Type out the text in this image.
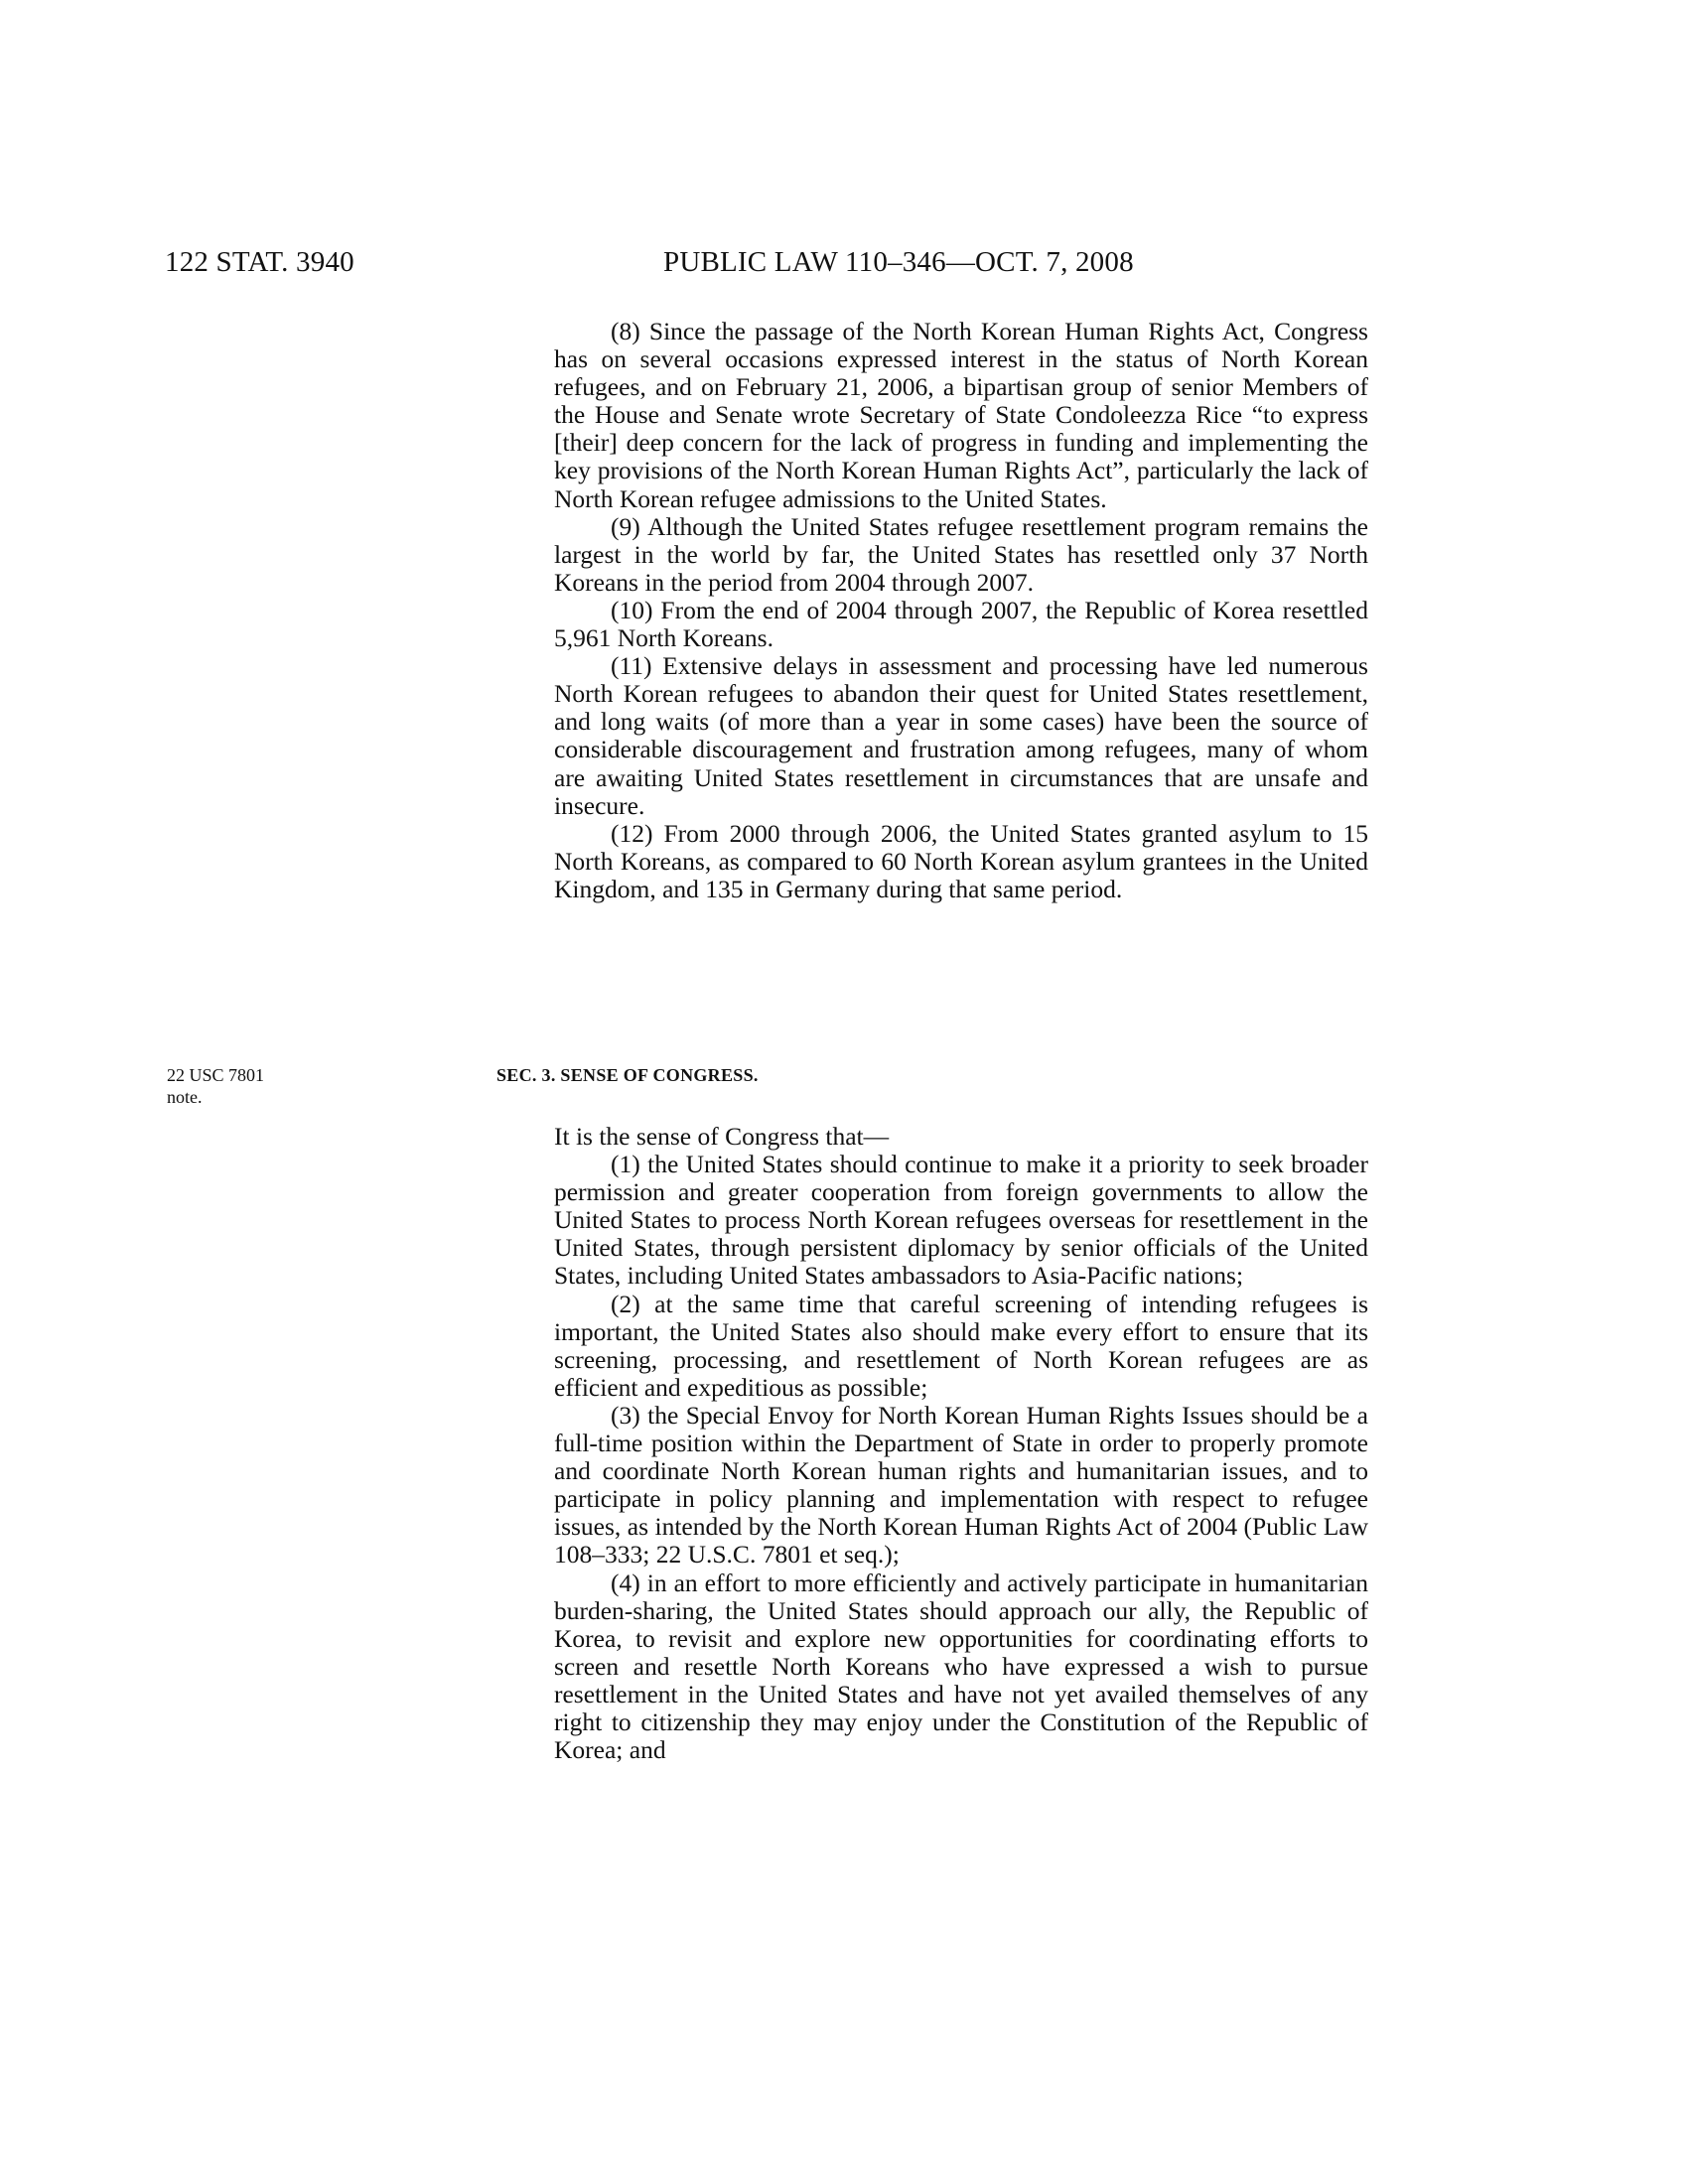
122 STAT. 3940	PUBLIC LAW 110–346—OCT. 7, 2008

(8) Since the passage of the North Korean Human Rights Act, Congress has on several occasions expressed interest in the status of North Korean refugees, and on February 21, 2006, a bipartisan group of senior Members of the House and Senate wrote Secretary of State Condoleezza Rice “to express [their] deep concern for the lack of progress in funding and implementing the key provisions of the North Korean Human Rights Act”, particularly the lack of North Korean refugee admissions to the United States.

(9) Although the United States refugee resettlement program remains the largest in the world by far, the United States has resettled only 37 North Koreans in the period from 2004 through 2007.

(10) From the end of 2004 through 2007, the Republic of Korea resettled 5,961 North Koreans.

(11) Extensive delays in assessment and processing have led numerous North Korean refugees to abandon their quest for United States resettlement, and long waits (of more than a year in some cases) have been the source of considerable discouragement and frustration among refugees, many of whom are awaiting United States resettlement in circumstances that are unsafe and insecure.

(12) From 2000 through 2006, the United States granted asylum to 15 North Koreans, as compared to 60 North Korean asylum grantees in the United Kingdom, and 135 in Germany during that same period.

22 USC 7801
note.
SEC. 3. SENSE OF CONGRESS.

It is the sense of Congress that—

(1) the United States should continue to make it a priority to seek broader permission and greater cooperation from foreign governments to allow the United States to process North Korean refugees overseas for resettlement in the United States, through persistent diplomacy by senior officials of the United States, including United States ambassadors to Asia-Pacific nations;

(2) at the same time that careful screening of intending refugees is important, the United States also should make every effort to ensure that its screening, processing, and resettlement of North Korean refugees are as efficient and expeditious as possible;

(3) the Special Envoy for North Korean Human Rights Issues should be a full-time position within the Department of State in order to properly promote and coordinate North Korean human rights and humanitarian issues, and to participate in policy planning and implementation with respect to refugee issues, as intended by the North Korean Human Rights Act of 2004 (Public Law 108–333; 22 U.S.C. 7801 et seq.);

(4) in an effort to more efficiently and actively participate in humanitarian burden-sharing, the United States should approach our ally, the Republic of Korea, to revisit and explore new opportunities for coordinating efforts to screen and resettle North Koreans who have expressed a wish to pursue resettlement in the United States and have not yet availed themselves of any right to citizenship they may enjoy under the Constitution of the Republic of Korea; and
